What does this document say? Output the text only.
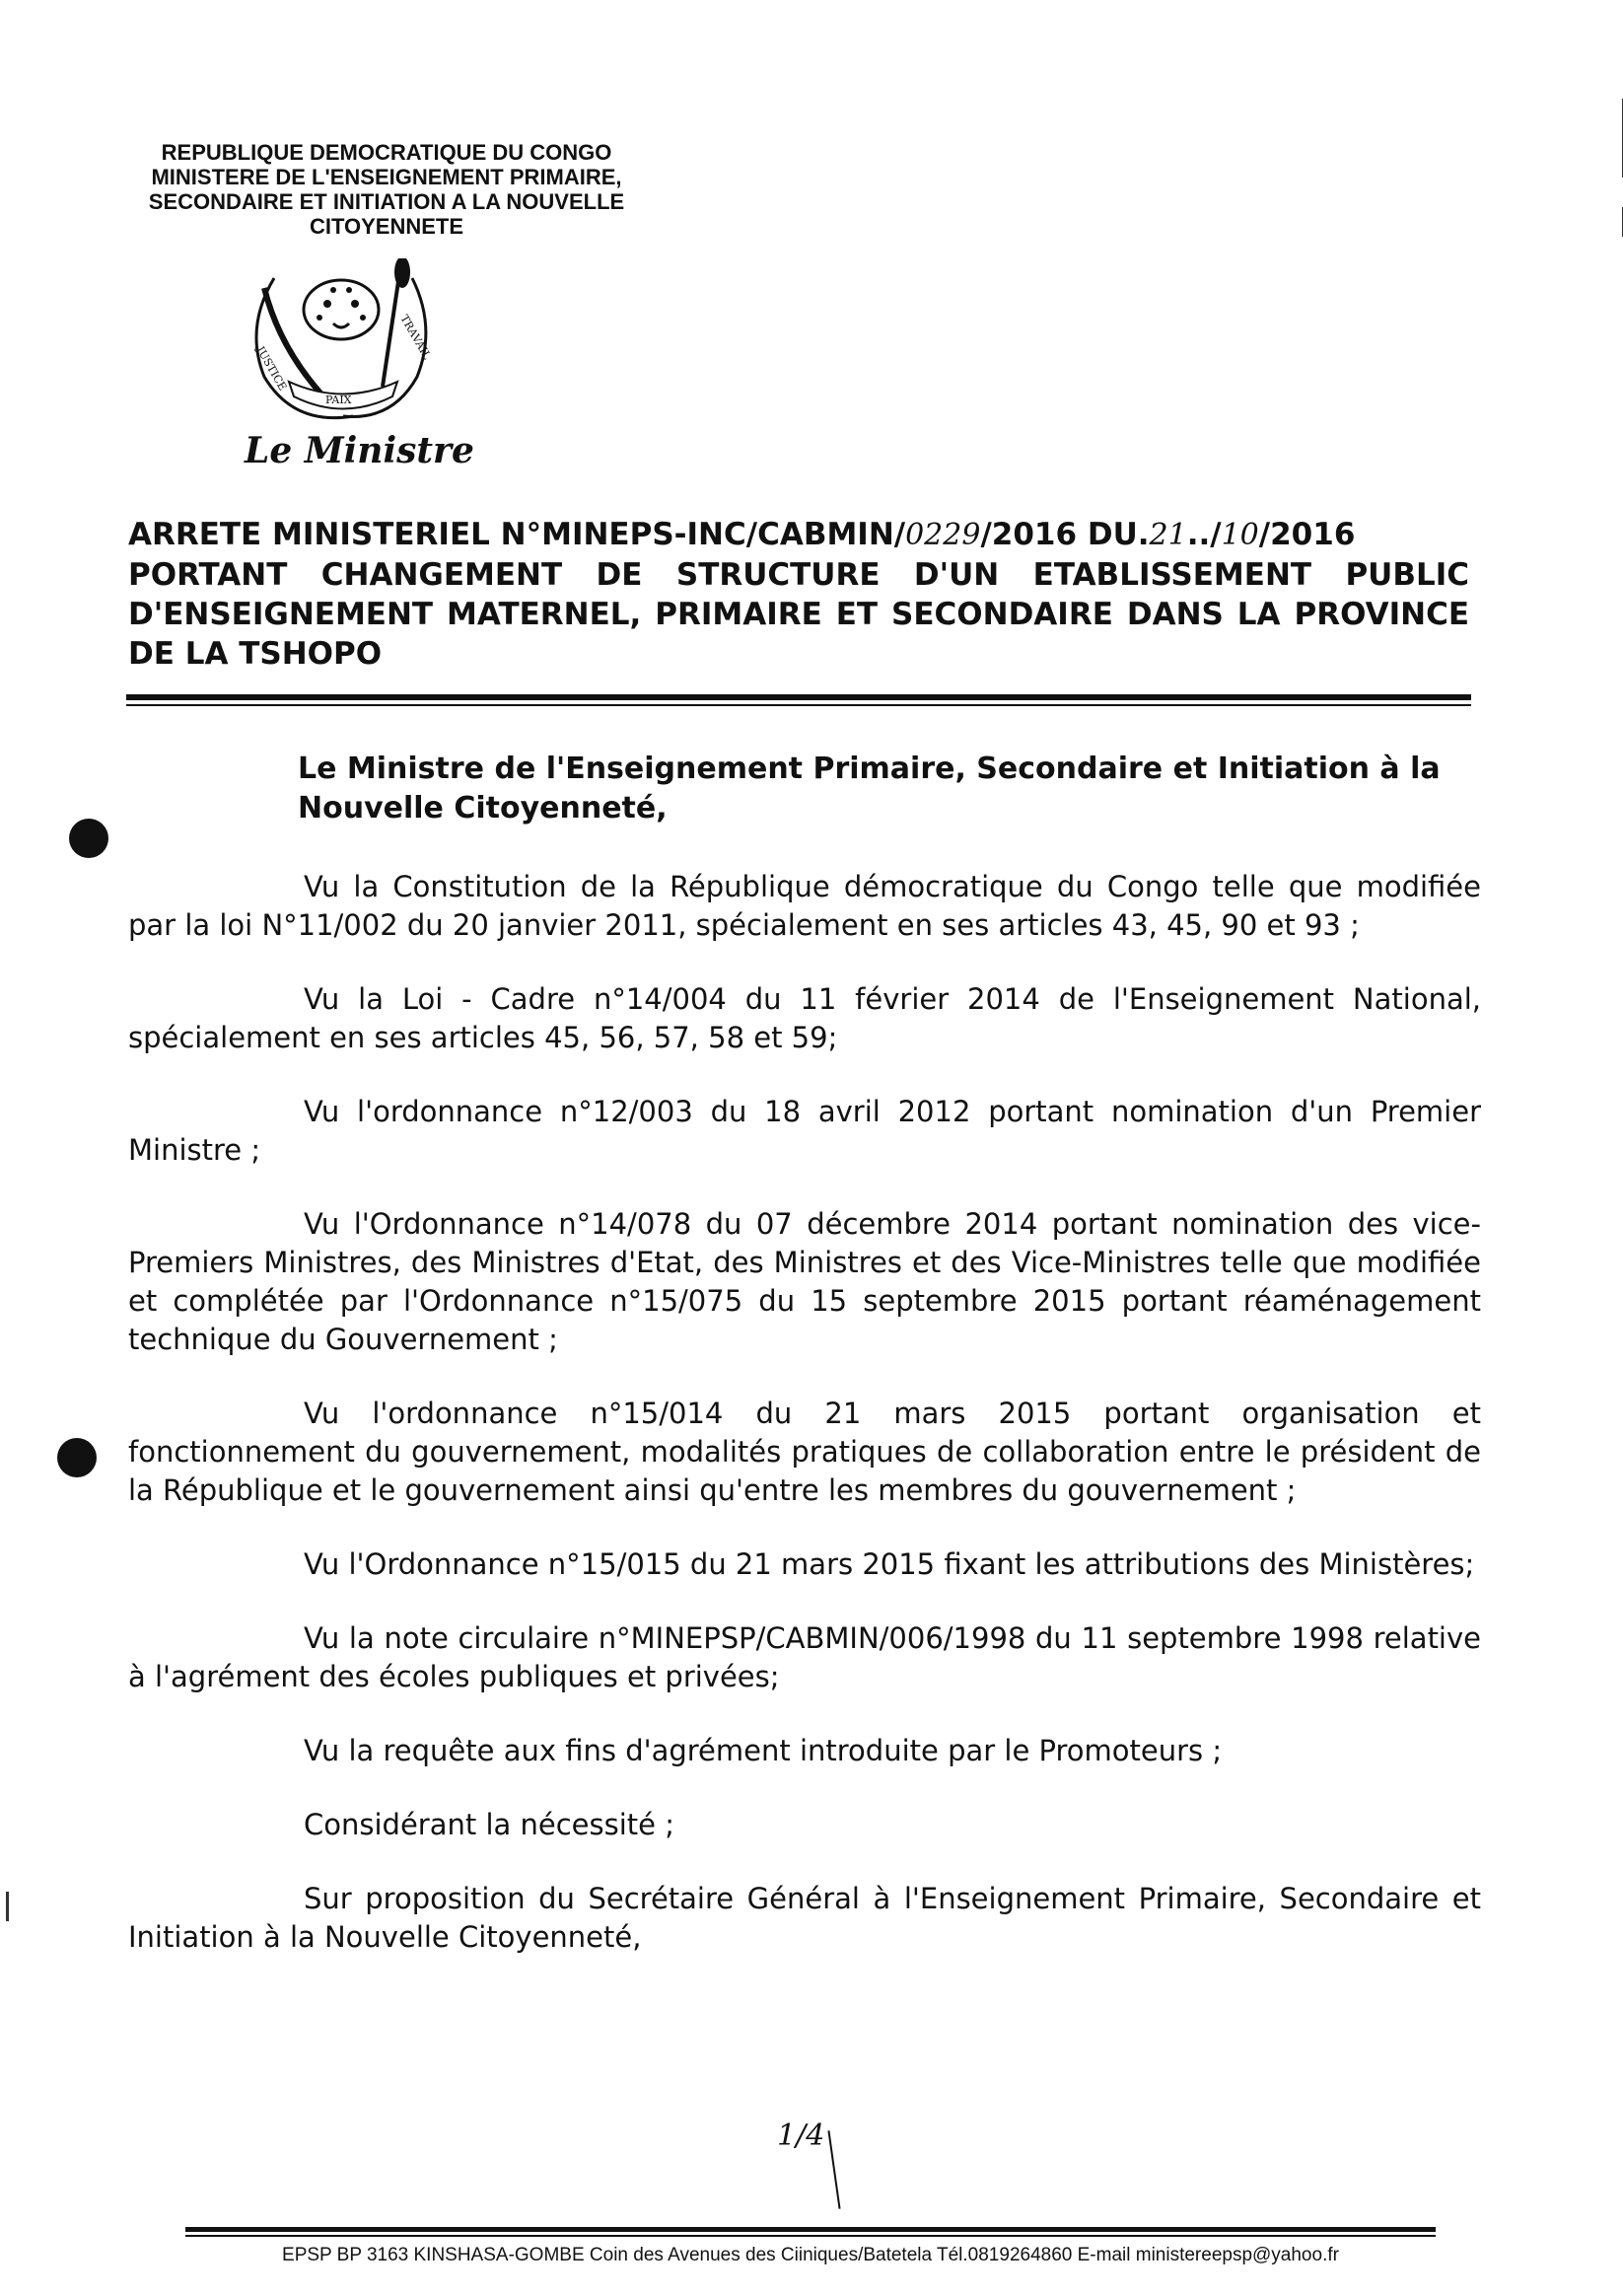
REPUBLIQUE DEMOCRATIQUE DU CONGO
MINISTERE DE L'ENSEIGNEMENT PRIMAIRE,
SECONDAIRE ET INITIATION A LA NOUVELLE
CITOYENNETE
JUSTICE
PAIX
TRAVAIL
Le Ministre
ARRETE MINISTERIEL N°MINEPS-INC/CABMIN/0229/2016 DU.21../10/2016
PORTANT CHANGEMENT DE STRUCTURE D'UN ETABLISSEMENT PUBLIC
D'ENSEIGNEMENT MATERNEL, PRIMAIRE ET SECONDAIRE DANS LA PROVINCE
DE LA TSHOPO

Le Ministre de l'Enseignement Primaire, Secondaire et Initiation à la Nouvelle Citoyenneté,

Vu la Constitution de la République démocratique du Congo telle que modifiée par la loi N°11/002 du 20 janvier 2011, spécialement en ses articles 43, 45, 90 et 93 ;

Vu la Loi - Cadre n°14/004 du 11 février 2014 de l'Enseignement National, spécialement en ses articles 45, 56, 57, 58 et 59;

Vu l'ordonnance n°12/003 du 18 avril 2012 portant nomination d'un Premier Ministre ;

Vu l'Ordonnance n°14/078 du 07 décembre 2014 portant nomination des vice-Premiers Ministres, des Ministres d'Etat, des Ministres et des Vice-Ministres telle que modifiée et complétée par l'Ordonnance n°15/075 du 15 septembre 2015 portant réaménagement technique du Gouvernement ;

Vu l'ordonnance n°15/014 du 21 mars 2015 portant organisation et fonctionnement du gouvernement, modalités pratiques de collaboration entre le président de la République et le gouvernement ainsi qu'entre les membres du gouvernement ;

Vu l'Ordonnance n°15/015 du 21 mars 2015 fixant les attributions des Ministères;

Vu la note circulaire n°MINEPSP/CABMIN/006/1998 du 11 septembre 1998 relative à l'agrément des écoles publiques et privées;

Vu la requête aux fins d'agrément introduite par le Promoteurs ;

Considérant la nécessité ;

Sur proposition du Secrétaire Général à l'Enseignement Primaire, Secondaire et Initiation à la Nouvelle Citoyenneté,

1/4
EPSP BP 3163 KINSHASA-GOMBE Coin des Avenues des Ciiniques/Batetela Tél.0819264860 E-mail ministereepsp@yahoo.fr
